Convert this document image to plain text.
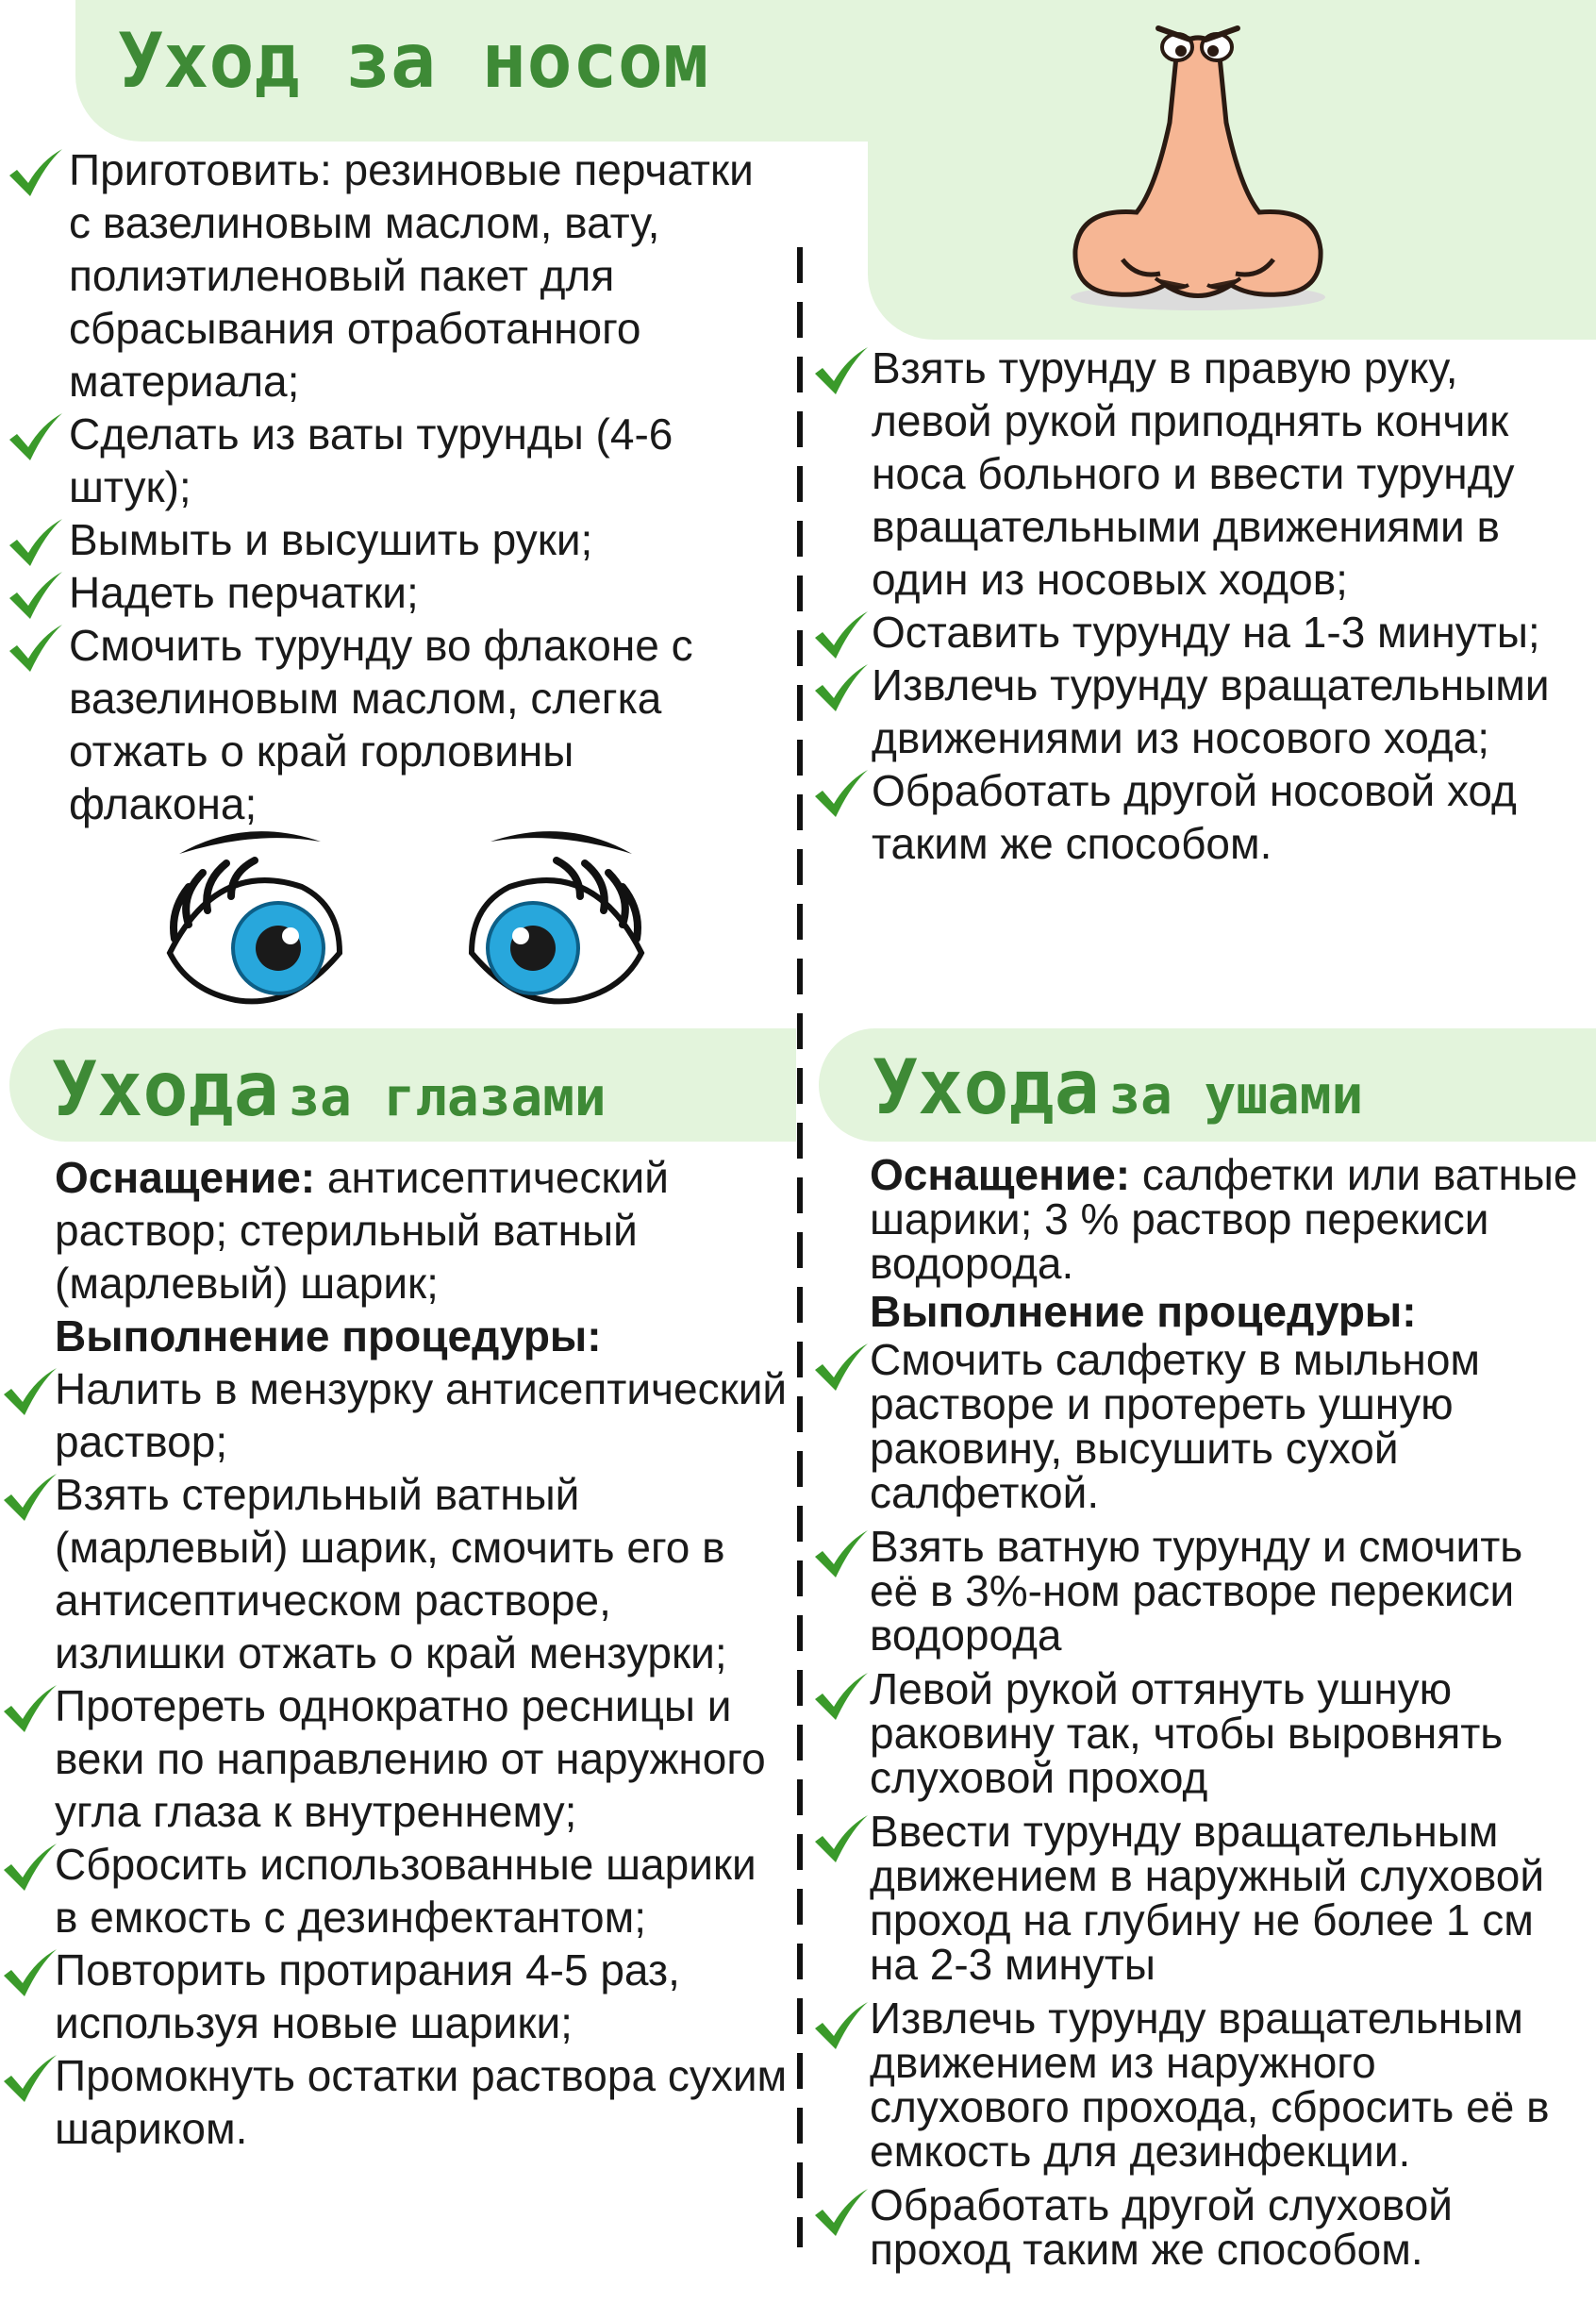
Уход за носом
Ухода за глазами	Ухода за ушами
Приготовить: резиновые перчатки с вазелиновым маслом, вату, полиэтиленовый пакет для сбрасывания отработанного материала;
Сделать из ваты турунды (4-6 штук);
Вымыть и высушить руки;
Надеть перчатки;
Смочить турунду во флаконе с вазелиновым маслом, слегка отжать о край горловины флакона;
Взять турунду в правую руку, левой рукой приподнять кончик носа больного и ввести турунду вращательными движениями в один из носовых ходов;
Оставить турунду на 1-3 минуты;
Извлечь турунду вращательными движениями из носового хода;
Обработать другой носовой ход таким же способом.
Оснащение: антисептический раствор; стерильный ватный (марлевый) шарик;
Выполнение процедуры:
Налить в мензурку антисептический раствор;
Взять стерильный ватный (марлевый) шарик, смочить его в антисептическом растворе, излишки отжать о край мензурки;
Протереть однократно ресницы и веки по направлению от наружного угла глаза к внутреннему;
Сбросить использованные шарики в емкость с дезинфектантом;
Повторить протирания 4-5 раз, используя новые шарики;
Промокнуть остатки раствора сухим шариком.
Оснащение: салфетки или ватные шарики; 3 % раствор перекиси водорода.
Выполнение процедуры:
Смочить салфетку в мыльном растворе и протереть ушную раковину, высушить сухой салфеткой.
Взять ватную турунду и смочить её в 3%-ном растворе перекиси водорода
Левой рукой оттянуть ушную раковину так, чтобы выровнять слуховой проход
Ввести турунду вращательным движением в наружный слуховой проход на глубину не более 1 см на 2-3 минуты
Извлечь турунду вращательным движением из наружного слухового прохода, сбросить её в емкость для дезинфекции.
Обработать другой слуховой проход таким же способом.
